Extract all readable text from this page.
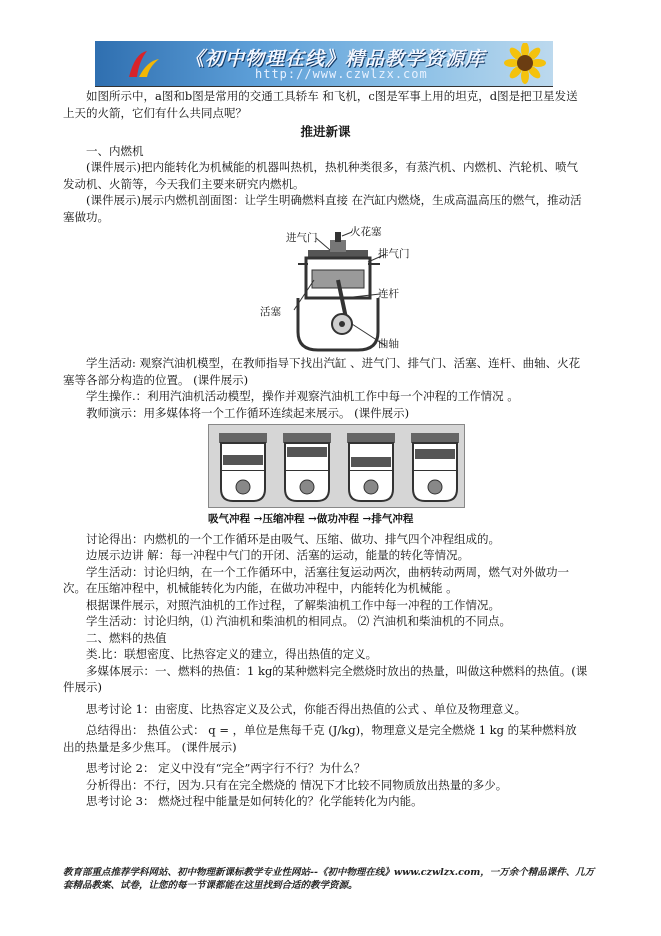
《初中物理在线》精品教学资源库
http://www.czwlzx.com

如图所示中，a图和b图是常用的交通工具轿车 和飞机，c图是军事上用的坦克，d图是把卫星发送上天的火箭，它们有什么共同点呢？

推进新课

一、内燃机

(课件展示)把内能转化为机械能的机器叫热机，热机种类很多，有蒸汽机、内燃机、汽轮机、喷气发动机、火箭等，今天我们主要来研究内燃机。

(课件展示)展示内燃机剖面图：让学生明确燃料直接 在汽缸内燃烧，生成高温高压的燃气，推动活塞做功。

进气门	火花塞
排气门
连杆
活塞
曲轴

学生活动: 观察汽油机模型，在教师指导下找出汽缸 、进气门、排气门、活塞、连杆、曲轴、火花塞等各部分构造的位置。 (课件展示)

学生操作.：利用汽油机活动模型，操作并观察汽油机工作中每一个冲程的工作情况 。

教师演示：用多媒体将一个工作循环连续起来展示。 (课件展示)

吸气冲程 →压缩冲程 →做功冲程 →排气冲程

讨论得出：内燃机的一个工作循环是由吸气、压缩、做功、排气四个冲程组成的。

边展示边讲 解：每一冲程中气门的开闭、活塞的运动，能量的转化等情况。

学生活动：讨论归纳，在一个工作循环中，活塞往复运动两次，曲柄转动两周，燃气对外做功一次。在压缩冲程中，机械能转化为内能，在做功冲程中，内能转化为机械能 。

根据课件展示，对照汽油机的工作过程，了解柴油机工作中每一冲程的工作情况。

学生活动：讨论归纳，⑴ 汽油机和柴油机的相同点。 ⑵ 汽油机和柴油机的不同点。

二、燃料的热值

类.比：联想密度、比热容定义的建立，得出热值的定义。

多媒体展示：一、燃料的热值：1 kg的某种燃料完全燃烧时放出的热量，叫做这种燃料的热值。(课件展示)

思考讨论 1：由密度、比热容定义及公式，你能否得出热值的公式 、单位及物理意义。

总结得出： 热值公式： q = ，单位是焦每千克 (J/kg)，物理意义是完全燃烧 1 kg 的某种燃料放出的热量是多少焦耳。 (课件展示)

思考讨论 2： 定义中没有“完全”两字行不行？为什么？

分析得出：不行，因为.只有在完全燃烧的 情况下才比较不同物质放出热量的多少。

思考讨论 3： 燃烧过程中能量是如何转化的？化学能转化为内能。

教育部重点推荐学科网站、初中物理新课标教学专业性网站--《初中物理在线》www.czwlzx.com，一万余个精品课件、几万套精品教案、试卷，让您的每一节课都能在这里找到合适的教学资源。
